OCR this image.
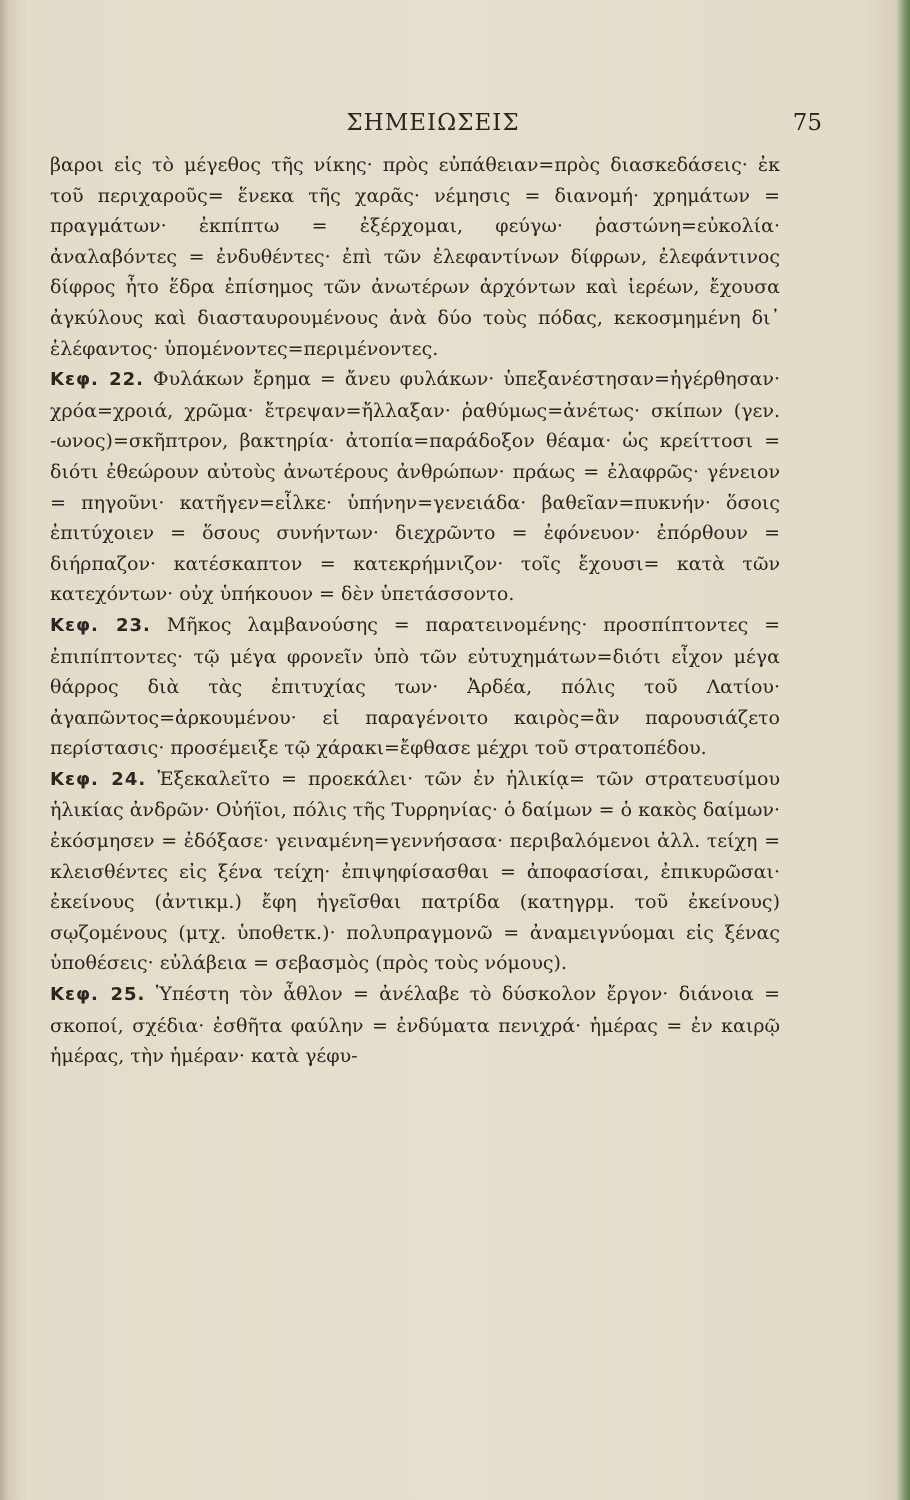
ΣΗΜΕΙΩΣΕΙΣ	75

βαροι εἰς τὸ μέγεθος τῆς νίκης· πρὸς εὐπάθειαν=πρὸς διασκεδάσεις· ἐκ τοῦ περιχαροῦς= ἕνεκα τῆς χαρᾶς· νέμησις = διανομή· χρημάτων = πραγμάτων· ἐκπίπτω = ἐξέρχομαι, φεύγω· ῥαστώνη=εὐκολία· ἀναλαβόντες = ἐνδυθέντες· ἐπὶ τῶν ἐλεφαντίνων δίφρων, ἐλεφάντινος δίφρος ἦτο ἕδρα ἐπίσημος τῶν ἀνωτέρων ἀρχόντων καὶ ἱερέων, ἔχουσα ἀγκύλους καὶ διασταυρουμένους ἀνὰ δύο τοὺς πόδας, κεκοσμημένη δι᾽ ἐλέφαντος· ὑπομένοντες=περιμένοντες.

Κεφ. 22. Φυλάκων ἔρημα = ἄνευ φυλάκων· ὑπεξανέστησαν=ἠγέρθησαν· χρόα=χροιά, χρῶμα· ἔτρεψαν=ἤλλαξαν· ῥαθύμως=ἀνέτως· σκίπων (γεν. -ωνος)=σκῆπτρον, βακτηρία· ἀτοπία=παράδοξον θέαμα· ὡς κρείττοσι = διότι ἐθεώρουν αὐτοὺς ἀνωτέρους ἀνθρώπων· πράως = ἐλαφρῶς· γένειον = πηγοῦνι· κατῆγεν=εἷλκε· ὑπήνην=γενειάδα· βαθεῖαν=πυκνήν· ὅσοις ἐπιτύχοιεν = ὅσους συνήντων· διεχρῶντο = ἐφόνευον· ἐπόρθουν = διήρπαζον· κατέσκαπτον = κατεκρήμνιζον· τοῖς ἔχουσι= κατὰ τῶν κατεχόντων· οὐχ ὑπήκουον = δὲν ὑπετάσσοντο.

Κεφ. 23. Μῆκος λαμβανούσης = παρατεινομένης· προσπίπτοντες = ἐπιπίπτοντες· τῷ μέγα φρονεῖν ὑπὸ τῶν εὐτυχημάτων=διότι εἶχον μέγα θάρρος διὰ τὰς ἐπιτυχίας των· Ἀρδέα, πόλις τοῦ Λατίου· ἀγαπῶντος=ἀρκουμένου· εἰ παραγένοιτο καιρὸς=ἂν παρουσιάζετο περίστασις· προσέμειξε τῷ χάρακι=ἔφθασε μέχρι τοῦ στρατοπέδου.

Κεφ. 24. Ἐξεκαλεῖτο = προεκάλει· τῶν ἐν ἡλικίᾳ= τῶν στρατευσίμου ἡλικίας ἀνδρῶν· Οὐήϊοι, πόλις τῆς Τυρρηνίας· ὁ δαίμων = ὁ κακὸς δαίμων· ἐκόσμησεν = ἐδόξασε· γειναμένη=γεννήσασα· περιβαλόμενοι ἀλλ. τείχη = κλεισθέντες εἰς ξένα τείχη· ἐπιψηφίσασθαι = ἀποφασίσαι, ἐπικυρῶσαι· ἐκείνους (ἀντικμ.) ἔφη ἡγεῖσθαι πατρίδα (κατηγρμ. τοῦ ἐκείνους) σῳζομένους (μτχ. ὑποθετκ.)· πολυπραγμονῶ = ἀναμειγνύομαι εἰς ξένας ὑποθέσεις· εὐλάβεια = σεβασμὸς (πρὸς τοὺς νόμους).

Κεφ. 25. Ὑπέστη τὸν ἆθλον = ἀνέλαβε τὸ δύσκολον ἔργον· διάνοια = σκοποί, σχέδια· ἐσθῆτα φαύλην = ἐνδύματα πενιχρά· ἡμέρας = ἐν καιρῷ ἡμέρας, τὴν ἡμέραν· κατὰ γέφυ-
